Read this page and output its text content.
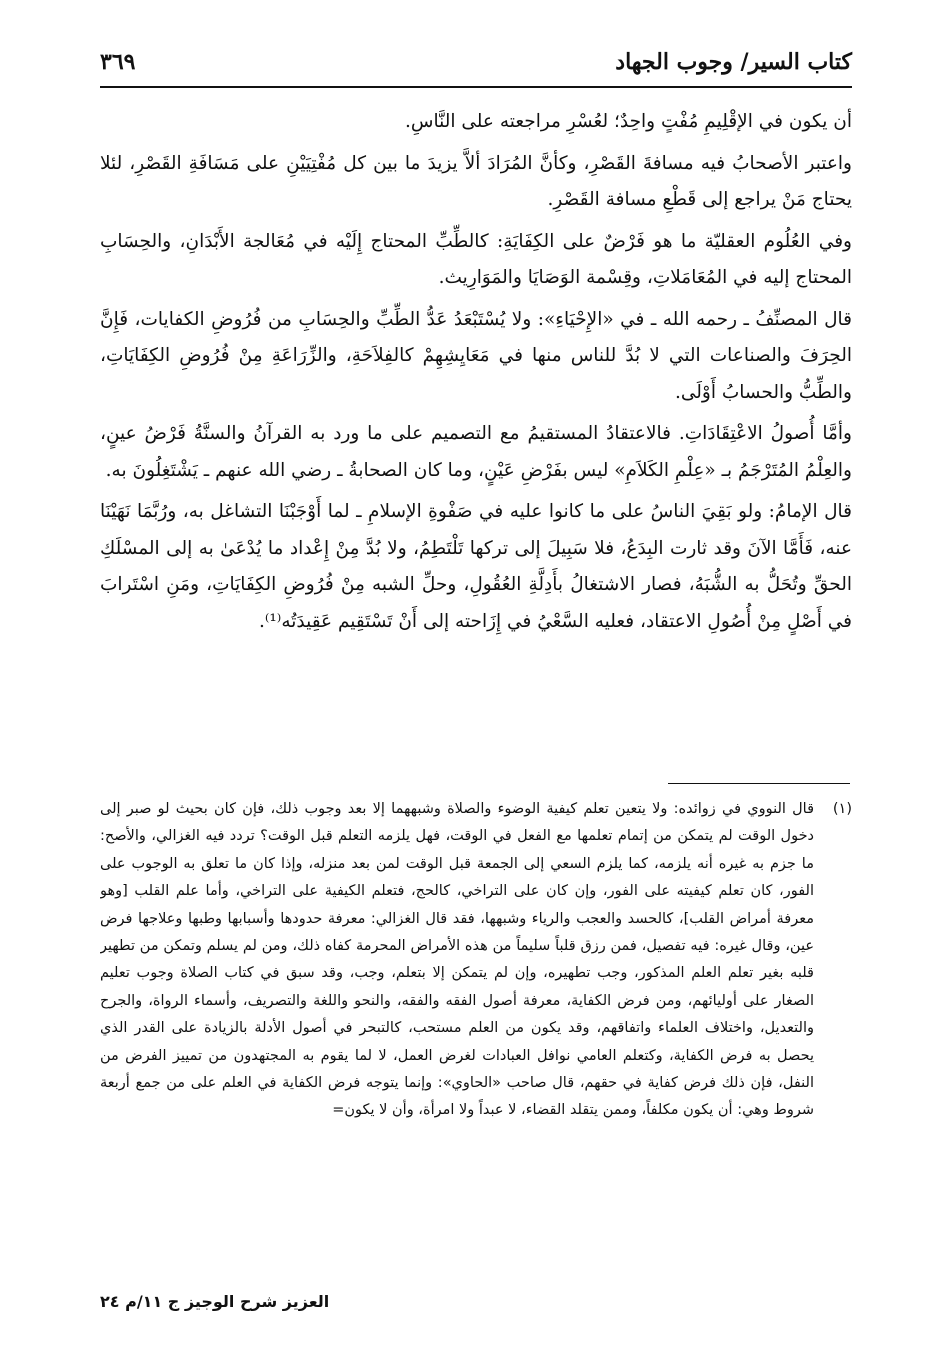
كتاب السير/ وجوب الجهاد
٣٦٩

أن يكون في الإقْلِيمِ مُفْتٍ واحِدٌ؛ لعُسْرِ مراجعته على النَّاسِ.

واعتبر الأصحابُ فيه مسافةَ القَصْرِ، وكأنَّ المُرَادَ ألاَّ يزيدَ ما بين كل مُفْتِيَيْنِ على مَسَافَةِ القَصْرِ، لئلا يحتاج مَنْ يراجع إلى قَطْعِ مسافة القَصْرِ.

وفي العُلُوم العقليّة ما هو فَرْضٌ على الكِفَايَةِ: كالطِّبِّ المحتاج إِلَيْه في مُعَالجة الأَبْدَانِ، والحِسَابِ المحتاج إليه في المُعَامَلاتِ، وقِسْمة الوَصَايَا والمَوَارِيث.

قال المصنِّفُ ـ رحمه الله ـ في «الإِحْيَاءِ»: ولا يُسْتَبْعَدُ عَدُّ الطِّبِّ والحِسَابِ من فُرُوضِ الكفايات، فَإِنَّ الحِرَفَ والصناعات التي لا بُدَّ للناس منها في مَعَايِشِهِمْ كالفِلاَحَةِ، والزِّرَاعَةِ مِنْ فُرُوضِ الكِفَايَاتِ، والطِّبُّ والحسابُ أَوْلَى.

وأمَّا أُصولُ الاعْتِقَادَاتِ. فالاعتقادُ المستقيمُ مع التصميم على ما ورد به القرآنُ والسنَّةُ فَرْضُ عينٍ، والعِلْمُ المُتَرْجَمُ بـ «عِلْمِ الكَلاَمِ» ليس بفَرْضِ عَيْنٍ، وما كان الصحابةُ ـ رضي الله عنهم ـ يَشْتَغِلُونَ به.

قال الإمامُ: ولو بَقِيَ الناسُ على ما كانوا عليه في صَفْوةِ الإسلامِ ـ لما أَوْجَبْنَا التشاغل به، ورُبَّمَا نَهَيْنَا عنه، فَأَمَّا الآنَ وقد ثارت البِدَعُ، فلا سَبِيلَ إلى تركها تَلْتَطِمُ، ولا بُدَّ مِنْ إِعْداد ما يُدْعَىٰ به إلى المسْلَكِ الحقِّ وتُحَلُّ به الشُّبَهُ، فصار الاشتغالُ بأَدِلَّةِ العُقُولِ، وحلِّ الشبه مِنْ فُرُوضِ الكِفَايَاتِ، ومَنِ اسْتَرابَ في أَصْلٍ مِنْ أُصُولِ الاعتقاد، فعليه السَّعْيُ في إِزَاحته إلى أَنْ تَسْتَقِيم عَقِيدَتُه⁽¹⁾.

(١)

قال النووي في زوائده: ولا يتعين تعلم كيفية الوضوء والصلاة وشبههما إلا بعد وجوب ذلك، فإن كان بحيث لو صبر إلى دخول الوقت لم يتمكن من إتمام تعلمها مع الفعل في الوقت، فهل يلزمه التعلم قبل الوقت؟ تردد فيه الغزالي، والأصح: ما جزم به غيره أنه يلزمه، كما يلزم السعي إلى الجمعة قبل الوقت لمن بعد منزله، وإذا كان ما تعلق به الوجوب على الفور، كان تعلم كيفيته على الفور، وإن كان على التراخي، كالحج، فتعلم الكيفية على التراخي، وأما علم القلب [وهو معرفة أمراض القلب]، كالحسد والعجب والرياء وشبهها، فقد قال الغزالي: معرفة حدودها وأسبابها وطبها وعلاجها فرض عين، وقال غيره: فيه تفصيل، فمن رزق قلباً سليماً من هذه الأمراض المحرمة كفاه ذلك، ومن لم يسلم وتمكن من تطهير قلبه بغير تعلم العلم المذكور، وجب تطهيره، وإن لم يتمكن إلا بتعلم، وجب، وقد سبق في كتاب الصلاة وجوب تعليم الصغار على أوليائهم، ومن فرض الكفاية، معرفة أصول الفقه والفقه، والنحو واللغة والتصريف، وأسماء الرواة، والجرح والتعديل، واختلاف العلماء واتفاقهم، وقد يكون من العلم مستحب، كالتبحر في أصول الأدلة بالزيادة على القدر الذي يحصل به فرض الكفاية، وكتعلم العامي نوافل العبادات لغرض العمل، لا لما يقوم به المجتهدون من تمييز الفرض من النفل، فإن ذلك فرض كفاية في حقهم، قال صاحب «الحاوي»: وإنما يتوجه فرض الكفاية في العلم على من جمع أربعة شروط وهي: أن يكون مكلفاً، وممن يتقلد القضاء، لا عبداً ولا امرأة، وأن لا يكون=

العزيز شرح الوجيز ج ١١/م ٢٤
